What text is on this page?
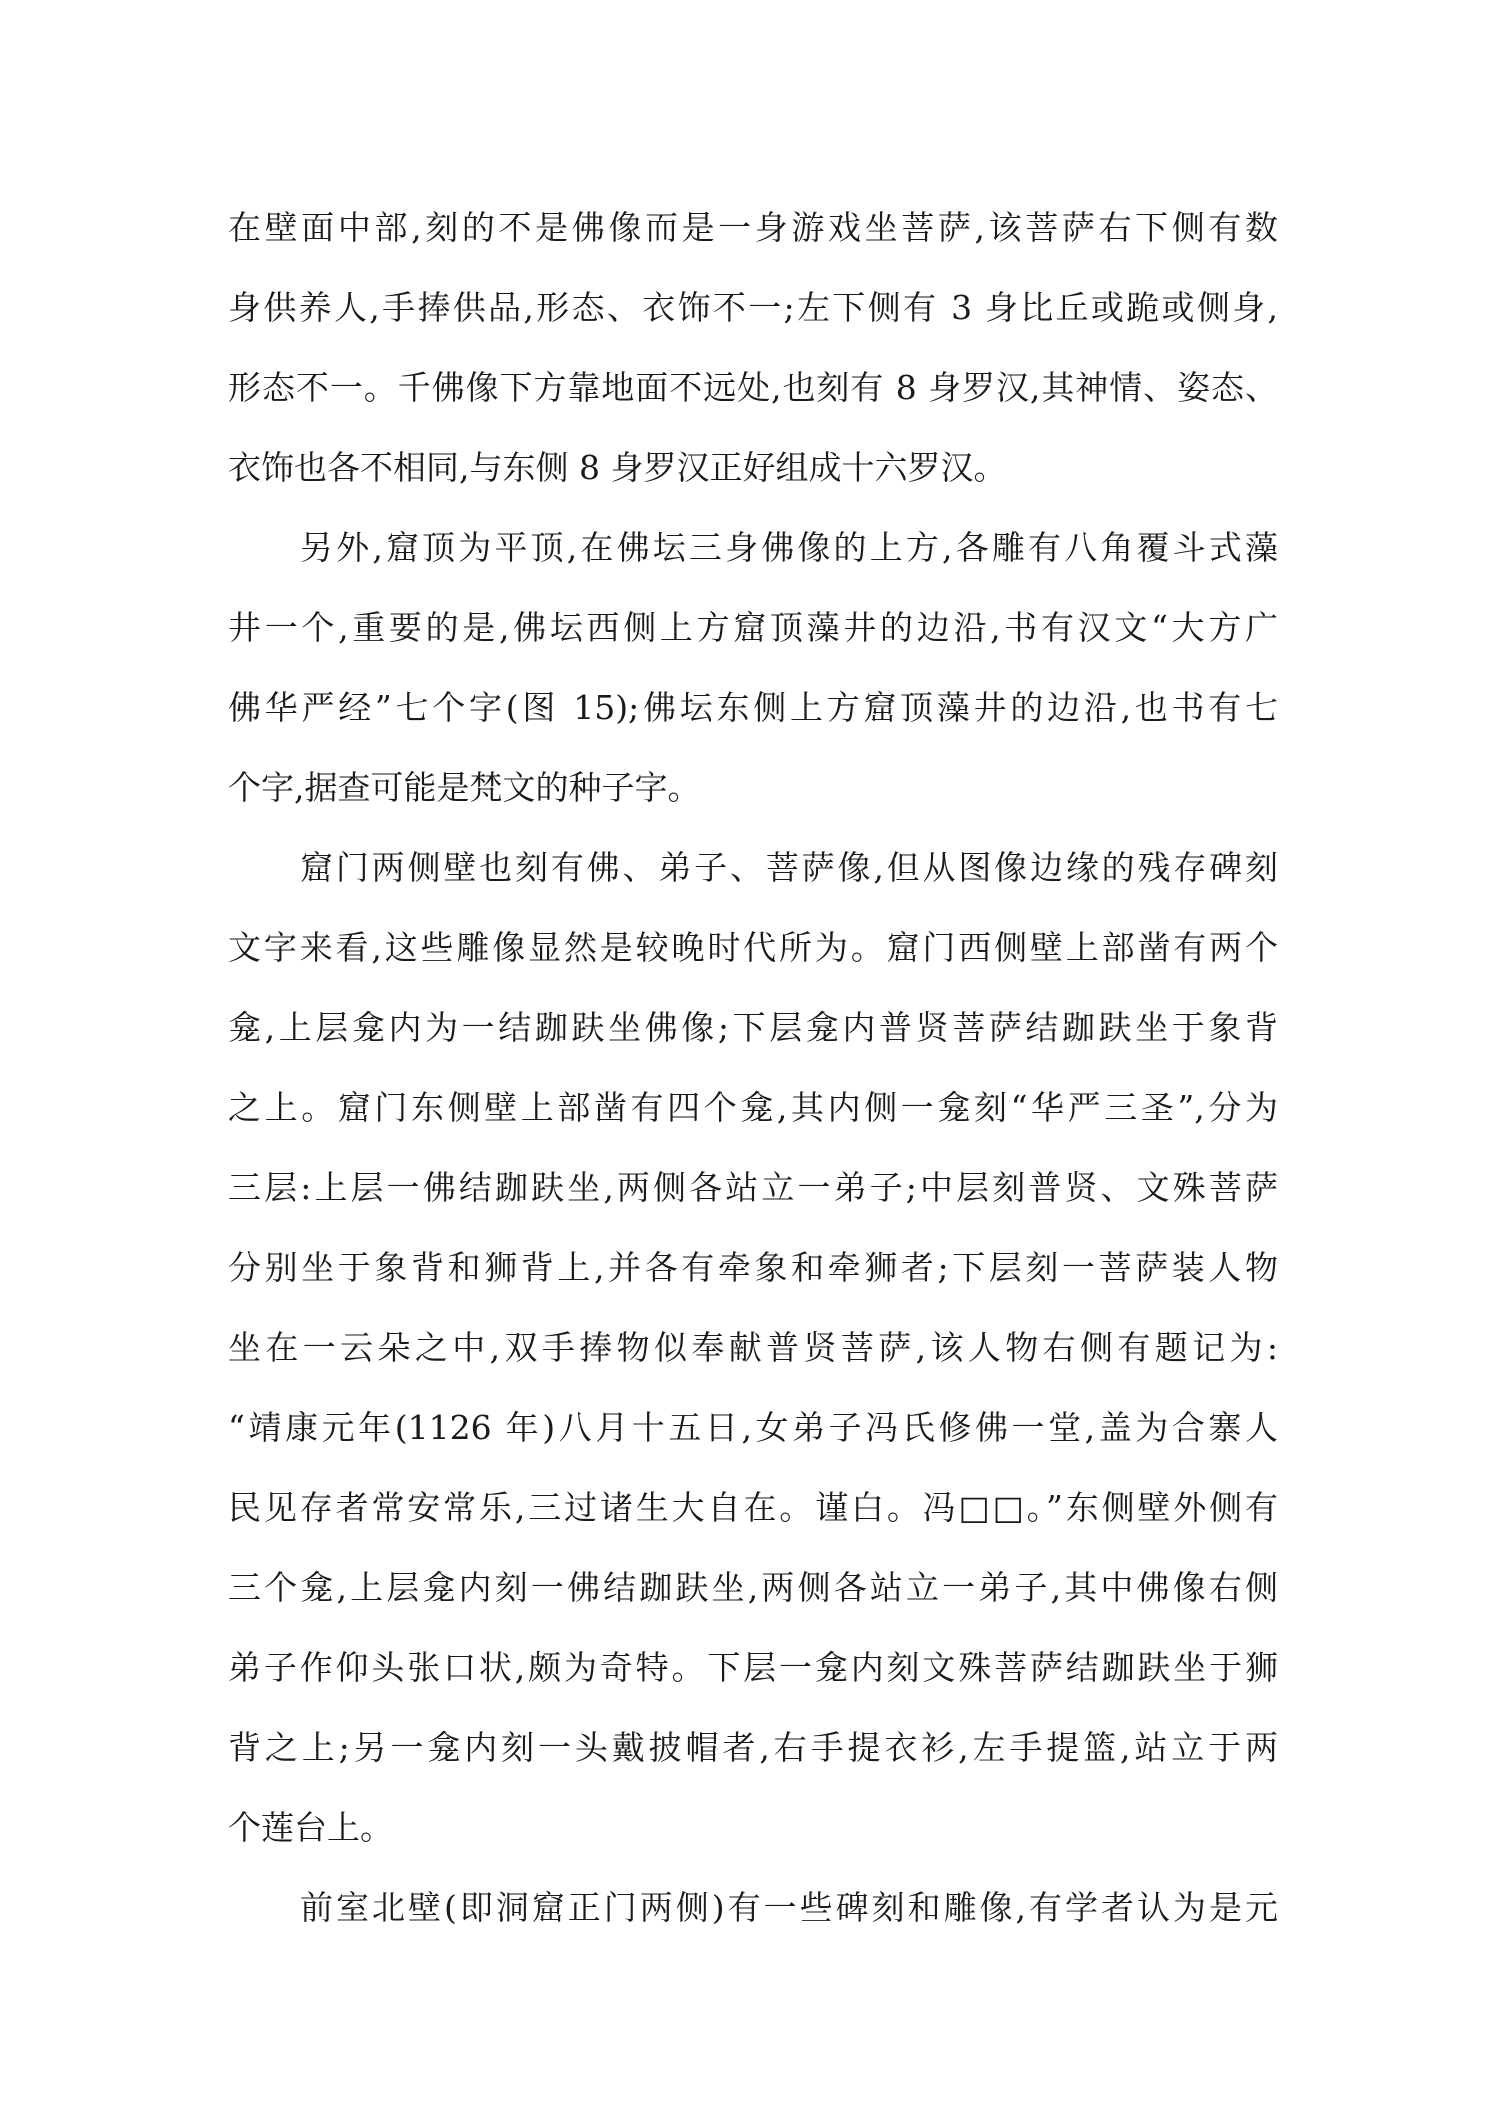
在壁面中部,刻的不是佛像而是一身游戏坐菩萨,该菩萨右下侧有数
身供养人,手捧供品,形态、衣饰不一;左下侧有 3 身比丘或跪或侧身,
形态不一。千佛像下方靠地面不远处,也刻有 8 身罗汉,其神情、姿态、
衣饰也各不相同,与东侧 8 身罗汉正好组成十六罗汉。
另外,窟顶为平顶,在佛坛三身佛像的上方,各雕有八角覆斗式藻
井一个,重要的是,佛坛西侧上方窟顶藻井的边沿,书有汉文“大方广
佛华严经”七个字(图 15);佛坛东侧上方窟顶藻井的边沿,也书有七
个字,据查可能是梵文的种子字。
窟门两侧壁也刻有佛、弟子、菩萨像,但从图像边缘的残存碑刻
文字来看,这些雕像显然是较晚时代所为。窟门西侧壁上部凿有两个
龛,上层龛内为一结跏趺坐佛像;下层龛内普贤菩萨结跏趺坐于象背
之上。窟门东侧壁上部凿有四个龛,其内侧一龛刻“华严三圣”,分为
三层:上层一佛结跏趺坐,两侧各站立一弟子;中层刻普贤、文殊菩萨
分别坐于象背和狮背上,并各有牵象和牵狮者;下层刻一菩萨装人物
坐在一云朵之中,双手捧物似奉献普贤菩萨,该人物右侧有题记为:
“靖康元年(1126 年)八月十五日,女弟子冯氏修佛一堂,盖为合寨人
民见存者常安常乐,三过诸生大自在。谨白。冯□□。”东侧壁外侧有
三个龛,上层龛内刻一佛结跏趺坐,两侧各站立一弟子,其中佛像右侧
弟子作仰头张口状,颇为奇特。下层一龛内刻文殊菩萨结跏趺坐于狮
背之上;另一龛内刻一头戴披帽者,右手提衣衫,左手提篮,站立于两
个莲台上。
前室北壁(即洞窟正门两侧)有一些碑刻和雕像,有学者认为是元
